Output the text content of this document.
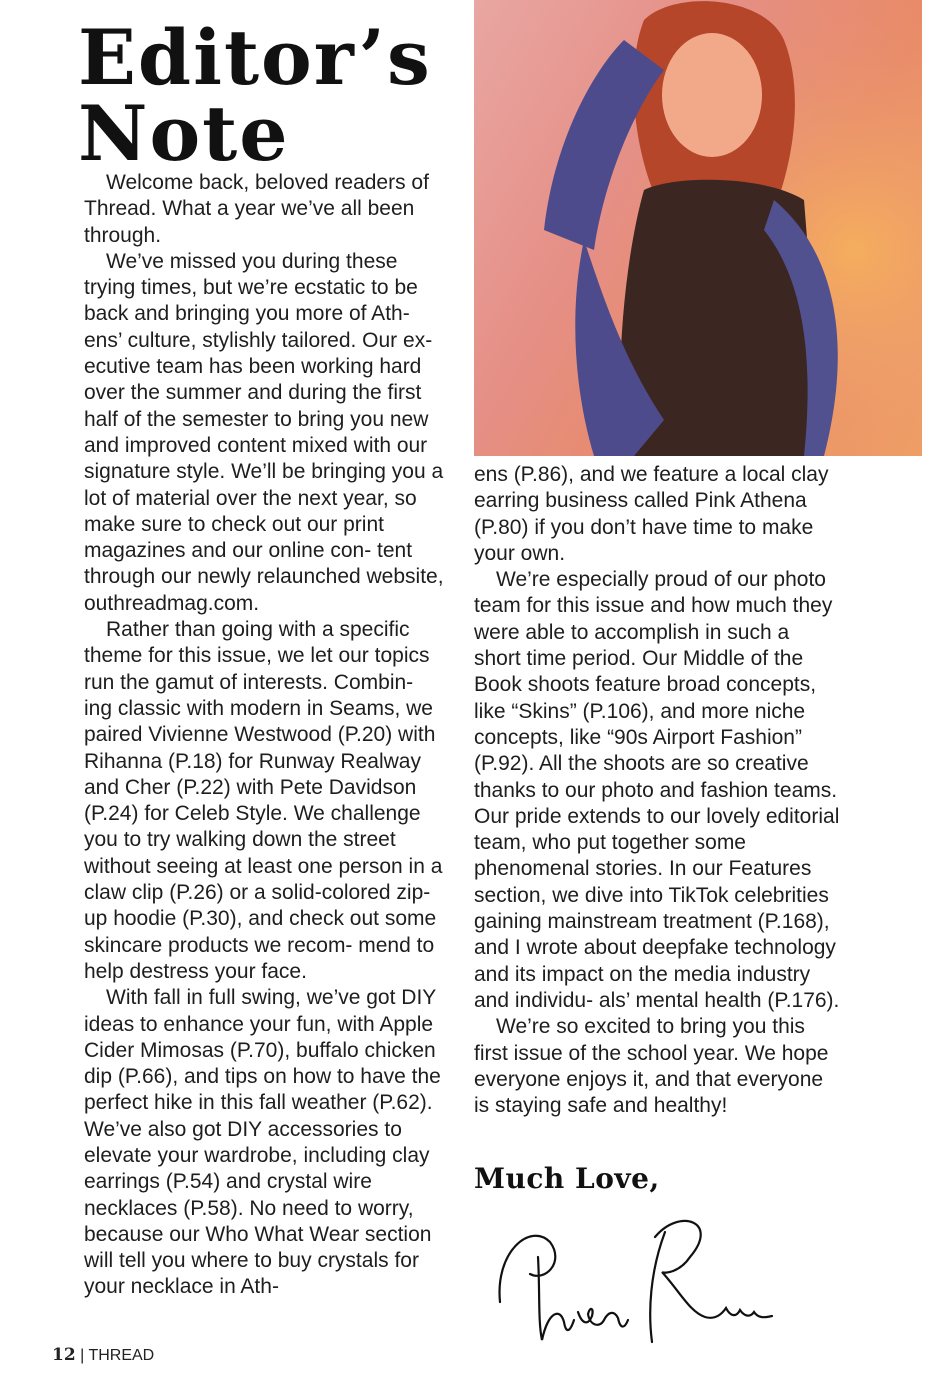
Editor’s
Note

Welcome back, beloved readers of Thread. What a year we’ve all been through.

We’ve missed you during these trying times, but we’re ecstatic to be back and bringing you more of Ath- ens’ culture, stylishly tailored. Our ex- ecutive team has been working hard over the summer and during the first half of the semester to bring you new and improved content mixed with our signature style. We’ll be bringing you a lot of material over the next year, so make sure to check out our print magazines and our online con- tent through our newly relaunched website, outhreadmag.com.

Rather than going with a specific theme for this issue, we let our topics run the gamut of interests. Combin- ing classic with modern in Seams, we paired Vivienne Westwood (P.20) with Rihanna (P.18) for Runway Realway and Cher (P.22) with Pete Davidson (P.24) for Celeb Style. We challenge you to try walking down the street without seeing at least one person in a claw clip (P.26) or a solid-colored zip-up hoodie (P.30), and check out some skincare products we recom- mend to help destress your face.

With fall in full swing, we’ve got DIY ideas to enhance your fun, with Apple Cider Mimosas (P.70), buffalo chicken dip (P.66), and tips on how to have the perfect hike in this fall weather (P.62). We’ve also got DIY accessories to elevate your wardrobe, including clay earrings (P.54) and crystal wire necklaces (P.58). No need to worry, because our Who What Wear section will tell you where to buy crystals for your necklace in Ath-

ens (P.86), and we feature a local clay earring business called Pink Athena (P.80) if you don’t have time to make your own.

We’re especially proud of our photo team for this issue and how much they were able to accomplish in such a short time period. Our Middle of the Book shoots feature broad concepts, like “Skins” (P.106), and more niche concepts, like “90s Airport Fashion” (P.92). All the shoots are so creative thanks to our photo and fashion teams. Our pride extends to our lovely editorial team, who put together some phenomenal stories. In our Features section, we dive into TikTok celebrities gaining mainstream treatment (P.168), and I wrote about deepfake technology and its impact on the media industry and individu- als’ mental health (P.176).

We’re so excited to bring you this first issue of the school year. We hope everyone enjoys it, and that everyone is staying safe and healthy!

Much Love,
12 | THREAD
